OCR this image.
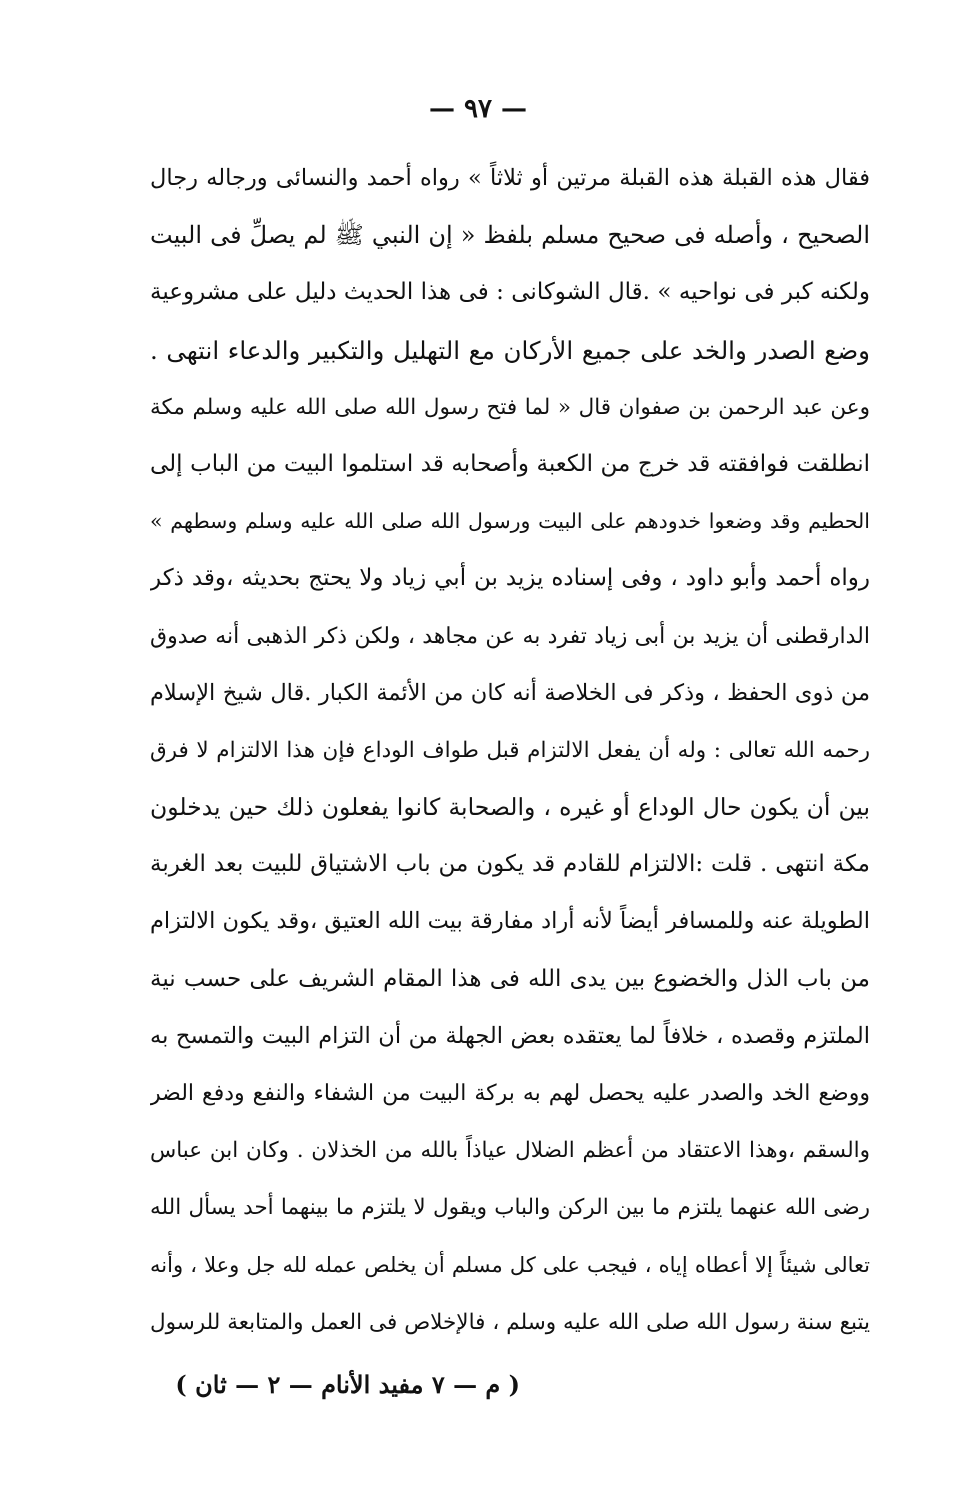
— ٩٧ —
فقال هذه القبلة هذه القبلة مرتين أو ثلاثاً » رواه أحمد والنسائى ورجاله رجال
الصحيح ، وأصله فى صحيح مسلم بلفظ « إن النبي ﷺ لم يصلِّ فى البيت
ولكنه كبر فى نواحيه » .قال الشوكانى : فى هذا الحديث دليل على مشروعية
وضع الصدر والخد على جميع الأركان مع التهليل والتكبير والدعاء انتهى .
وعن عبد الرحمن بن صفوان قال « لما فتح رسول الله صلى الله عليه وسلم مكة
انطلقت فوافقته قد خرج من الكعبة وأصحابه قد استلموا البيت من الباب إلى
الحطيم وقد وضعوا خدودهم على البيت ورسول الله صلى الله عليه وسلم وسطهم »
رواه أحمد وأبو داود ، وفى إسناده يزيد بن أبي زياد ولا يحتج بحديثه ،وقد ذكر
الدارقطنى أن يزيد بن أبى زياد تفرد به عن مجاهد ، ولكن ذكر الذهبى أنه صدوق
من ذوى الحفظ ، وذكر فى الخلاصة أنه كان من الأئمة الكبار .قال شيخ الإسلام
رحمه الله تعالى : وله أن يفعل الالتزام قبل طواف الوداع فإن هذا الالتزام لا فرق
بين أن يكون حال الوداع أو غيره ، والصحابة كانوا يفعلون ذلك حين يدخلون
مكة انتهى . قلت :الالتزام للقادم قد يكون من باب الاشتياق للبيت بعد الغربة
الطويلة عنه وللمسافر أيضاً لأنه أراد مفارقة بيت الله العتيق ،وقد يكون الالتزام
من باب الذل والخضوع بين يدى الله فى هذا المقام الشريف على حسب نية
الملتزم وقصده ، خلافاً لما يعتقده بعض الجهلة من أن التزام البيت والتمسح به
ووضع الخد والصدر عليه يحصل لهم به بركة البيت من الشفاء والنفع ودفع الضر
والسقم ،وهذا الاعتقاد من أعظم الضلال عياذاً بالله من الخذلان . وكان ابن عباس
رضى الله عنهما يلتزم ما بين الركن والباب ويقول لا يلتزم ما بينهما أحد يسأل الله
تعالى شيئاً إلا أعطاه إياه ، فيجب على كل مسلم أن يخلص عمله لله جل وعلا ، وأنه
يتبع سنة رسول الله صلى الله عليه وسلم ، فالإخلاص فى العمل والمتابعة للرسول
( م — ٧ مفيد الأنام — ٢ — ثان )
